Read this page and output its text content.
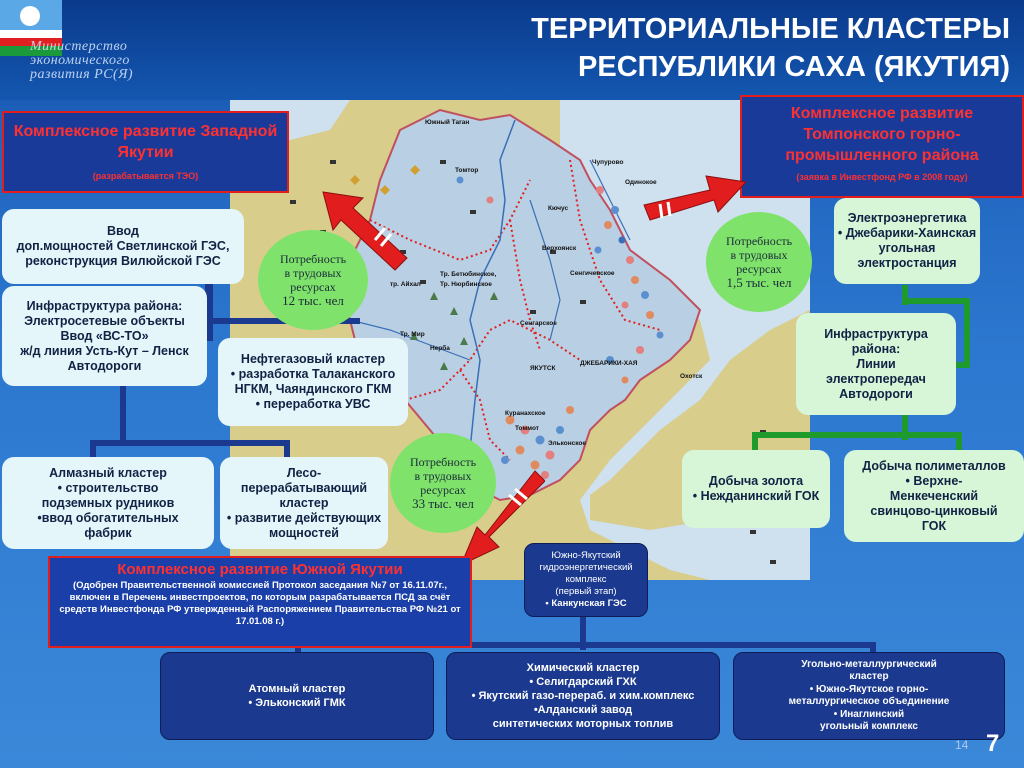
Министерство
экономического
развития РС(Я)
ТЕРРИТОРИАЛЬНЫЕ КЛАСТЕРЫ
РЕСПУБЛИКИ САХА (ЯКУТИЯ)
Южный Таган
Томтор
Чупурово
Одинокое
Кючус
Верхоянск
Сенгичевское
тр. Айхал
Тр. Бетюбинское,
Тр. Нюрбинское
Тр. Мир
Сенгарское
ЯКУТСК
ДЖЕБАРИКИ-ХАЯ
Куранахское
Томмот
Эльконское
Охотск
Нерба
Комплексное развитие Западной Якутии
(разрабатывается ТЭО)
Комплексное развитие Томпонского горно-промышленного района
(заявка в Инвестфонд РФ в 2008 году)
Ввод
доп.мощностей Светлинской ГЭС,
реконструкция Вилюйской ГЭС
Инфраструктура района:
Электросетевые объекты
Ввод «ВС-ТО»
ж/д линия Усть-Кут – Ленск
Автодороги	Нефтегазовый кластер
• разработка Талаканского
НГКМ, Чаяндинского ГКМ
• переработка УВС
Алмазный кластер
• строительство
подземных рудников
•ввод обогатительных
фабрик
Лесо-
перерабатывающий
кластер
• развитие действующих
мощностей
Электроэнергетика
• Джебарики-Хаинская
угольная
электростанция
Инфраструктура
района:
Линии
электропередач
Автодороги
Добыча золота
• Нежданинский ГОК
Добыча полиметаллов
• Верхне-
Менкеченский
свинцово-цинковый
ГОК
Потребность
в трудовых
ресурсах
12 тыс. чел
Потребность
в трудовых
ресурсах
1,5 тыс. чел
Потребность
в трудовых
ресурсах
33 тыс. чел
Комплексное развитие Южной Якутии
(Одобрен Правительственной комиссией Протокол заседания №7 от 16.11.07г., включен в Перечень инвестпроектов, по которым разрабатывается ПСД за счёт средств Инвестфонда РФ утвержденный Распоряжением Правительства РФ №21 от 17.01.08 г.)
Южно-Якутский
гидроэнергетический
комплекс
(первый этап)
• Канкунская ГЭС
Атомный кластер
• Эльконский ГМК
Химический кластер
• Селигдарский ГХК
• Якутский газо-перераб. и хим.комплекс
•Алданский завод
синтетических моторных топлив
Угольно-металлургический
кластер
• Южно-Якутское горно-
металлургическое объединение
• Инаглинский
угольный комплекс
14 7
